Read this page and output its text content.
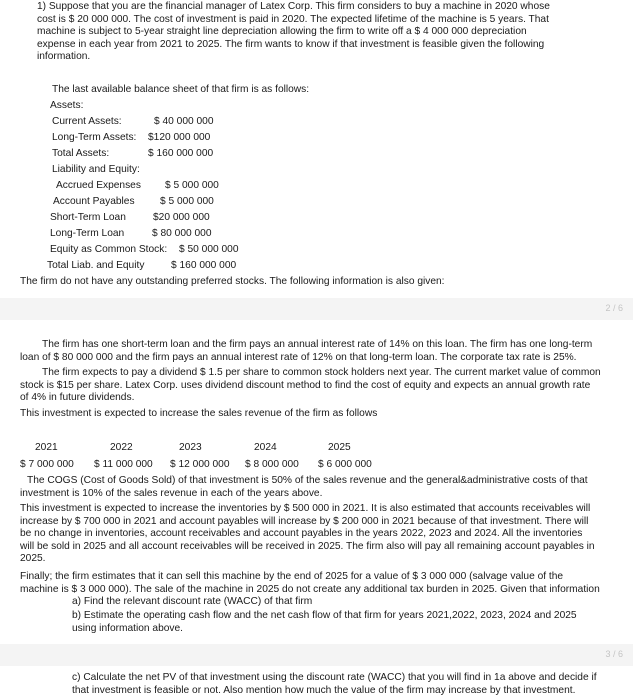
1) Suppose that you are the financial manager of Latex Corp. This firm considers to buy a machine in 2020 whose
cost is $ 20 000 000. The cost of investment is paid in 2020. The expected lifetime of the machine is 5 years. That
machine is subject to 5-year straight line depreciation allowing the firm to write off a $ 4 000 000 depreciation
expense in each year from 2021 to 2025. The firm wants to know if that investment is feasible given the following
information.
The last available balance sheet of that firm is as follows:
Assets:
Current Assets:	$ 40 000 000
Long-Term Assets: $120 000 000
Total Assets:	$ 160 000 000
Liability and Equity:
Accrued Expenses $ 5 000 000
Account Payables $ 5 000 000
Short-Term Loan	$20 000 000
Long-Term Loan	$ 80 000 000
Equity as Common Stock: $ 50 000 000
Total Liab. and Equity	$ 160 000 000
The firm do not have any outstanding preferred stocks. The following information is also given:
2 / 6
The firm has one short-term loan and the firm pays an annual interest rate of 14% on this loan. The firm has one long-term
loan of $ 80 000 000 and the firm pays an annual interest rate of 12% on that long-term loan. The corporate tax rate is 25%.
The firm expects to pay a dividend $ 1.5 per share to common stock holders next year. The current market value of common
stock is $15 per share. Latex Corp. uses dividend discount method to find the cost of equity and expects an annual growth rate
of 4% in future dividends.
This investment is expected to increase the sales revenue of the firm as follows
2021	2022	2023	2024	2025
$ 7 000 000 $ 11 000 000 $ 12 000 000 $ 8 000 000 $ 6 000 000
The COGS (Cost of Goods Sold) of that investment is 50% of the sales revenue and the general&administrative costs of that
investment is 10% of the sales revenue in each of the years above.
This investment is expected to increase the inventories by $ 500 000 in 2021. It is also estimated that accounts receivables will
increase by $ 700 000 in 2021 and account payables will increase by $ 200 000 in 2021 because of that investment. There will
be no change in inventories, account receivables and account payables in the years 2022, 2023 and 2024. All the inventories
will be sold in 2025 and all account receivables will be received in 2025. The firm also will pay all remaining account payables in
2025.
Finally; the firm estimates that it can sell this machine by the end of 2025 for a value of $ 3 000 000 (salvage value of the
machine is $ 3 000 000). The sale of the machine in 2025 do not create any additional tax burden in 2025. Given that information
a) Find the relevant discount rate (WACC) of that firm
b) Estimate the operating cash flow and the net cash flow of that firm for years 2021,2022, 2023, 2024 and 2025
using information above.
3 / 6
c) Calculate the net PV of that investment using the discount rate (WACC) that you will find in 1a above and decide if
that investment is feasible or not. Also mention how much the value of the firm may increase by that investment.
